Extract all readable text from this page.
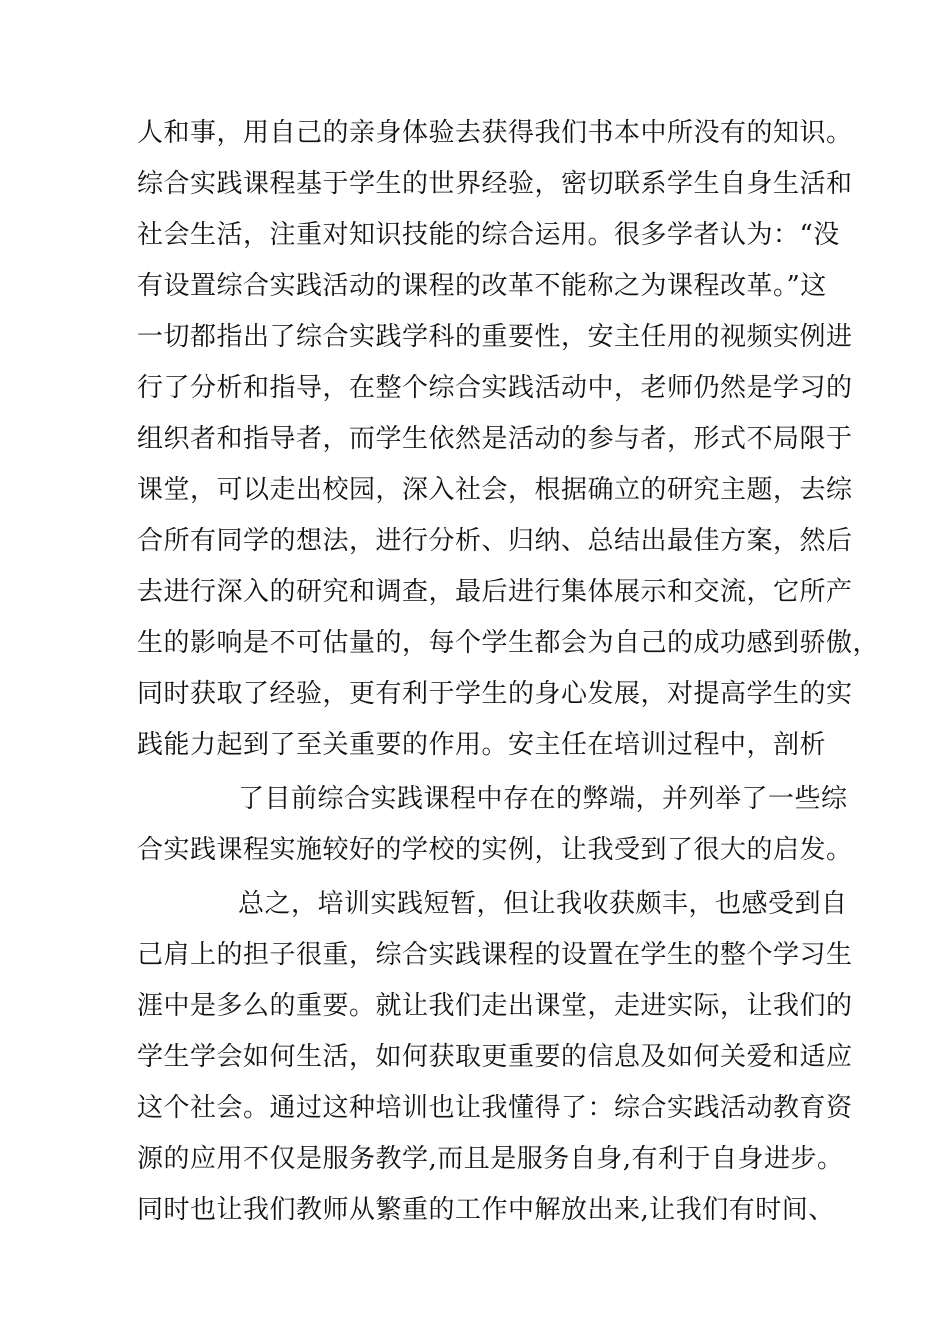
人和事，用自己的亲身体验去获得我们书本中所没有的知识。
综合实践课程基于学生的世界经验，密切联系学生自身生活和
社会生活，注重对知识技能的综合运用。很多学者认为：“没
有设置综合实践活动的课程的改革不能称之为课程改革。”这
一切都指出了综合实践学科的重要性，安主任用的视频实例进
行了分析和指导，在整个综合实践活动中，老师仍然是学习的
组织者和指导者，而学生依然是活动的参与者，形式不局限于
课堂，可以走出校园，深入社会，根据确立的研究主题，去综
合所有同学的想法，进行分析、归纳、总结出最佳方案，然后
去进行深入的研究和调查，最后进行集体展示和交流，它所产
生的影响是不可估量的，每个学生都会为自己的成功感到骄傲，
同时获取了经验，更有利于学生的身心发展，对提高学生的实
践能力起到了至关重要的作用。安主任在培训过程中，剖析
了目前综合实践课程中存在的弊端，并列举了一些综
合实践课程实施较好的学校的实例，让我受到了很大的启发。
总之，培训实践短暂，但让我收获颇丰，也感受到自
己肩上的担子很重，综合实践课程的设置在学生的整个学习生
涯中是多么的重要。就让我们走出课堂，走进实际，让我们的
学生学会如何生活，如何获取更重要的信息及如何关爱和适应
这个社会。通过这种培训也让我懂得了：综合实践活动教育资
源的应用不仅是服务教学,而且是服务自身,有利于自身进步。
同时也让我们教师从繁重的工作中解放出来,让我们有时间、
